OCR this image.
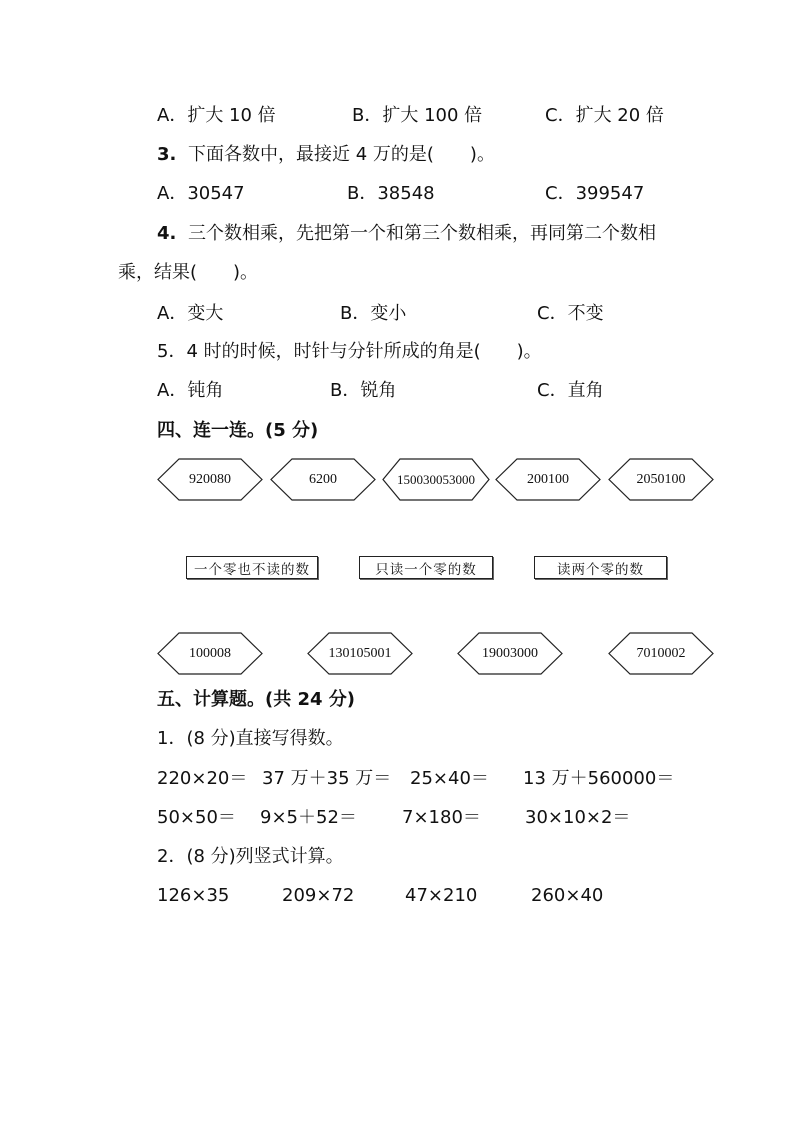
A．扩大 10 倍	B．扩大 100 倍	C．扩大 20 倍
3. 下面各数中，最接近 4 万的是(　　)。
A．30547	B．38548	C．399547
4. 三个数相乘，先把第一个和第三个数相乘，再同第二个数相
乘，结果(　　)。
A．变大	B．变小	C．不变
5．4 时的时候，时针与分针所成的角是(　　)。
A．钝角	B．锐角	C．直角
四、连一连。(5 分)
920080	6200	150030053000	200100	2050100
一个零也不读的数	只读一个零的数	读两个零的数
100008	130105001	19003000	7010002
五、计算题。(共 24 分)
1．(8 分)直接写得数。
220×20＝ 37 万＋35 万＝ 25×40＝ 13 万＋560000＝
50×50＝ 9×5＋52＝	7×180＝ 30×10×2＝
2．(8 分)列竖式计算。
126×35	209×72	47×210	260×40
